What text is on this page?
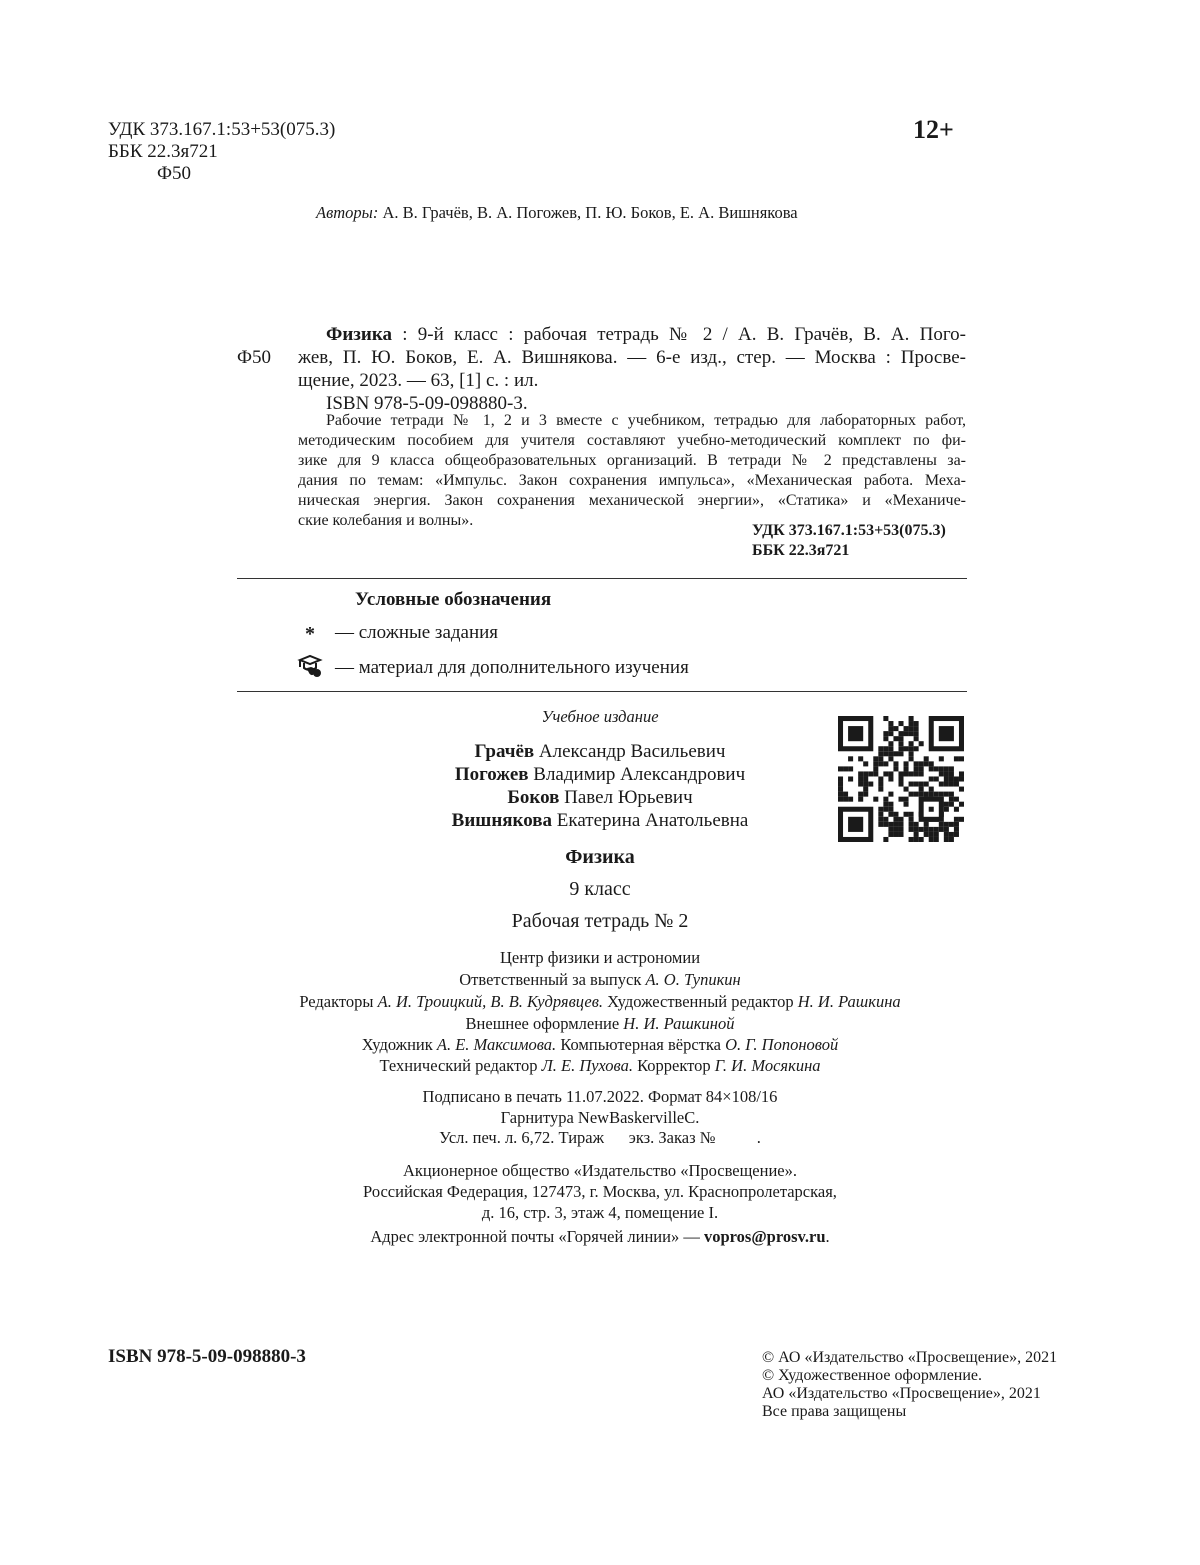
УДК 373.167.1:53+53(075.3)
ББК 22.3я721
Ф50
12+
Авторы: А. В. Грачёв, В. А. Погожев, П. Ю. Боков, Е. А. Вишнякова
Ф50
Физика : 9-й класс : рабочая тетрадь № 2 / А. В. Грачёв, В. А. Пого-
жев, П. Ю. Боков, Е. А. Вишнякова. — 6-е изд., стер. — Москва : Просве-
щение, 2023. — 63, [1] с. : ил.
ISBN 978-5-09-098880-3.
Рабочие тетради № 1, 2 и 3 вместе с учебником, тетрадью для лабораторных работ,
методическим пособием для учителя составляют учебно-методический комплект по фи-
зике для 9 класса общеобразовательных организаций. В тетради № 2 представлены за-
дания по темам: «Импульс. Закон сохранения импульса», «Механическая работа. Меха-
ническая энергия. Закон сохранения механической энергии», «Статика» и «Механиче-
ские колебания и волны».
УДК 373.167.1:53+53(075.3)
ББК 22.3я721
Условные обозначения
* — сложные задания
— материал для дополнительного изучения
Учебное издание
Грачёв Александр Васильевич
Погожев Владимир Александрович
Боков Павел Юрьевич
Вишнякова Екатерина Анатольевна
Физика
9 класс
Рабочая тетрадь № 2
Центр физики и астрономии
Ответственный за выпуск А. О. Тупикин
Редакторы А. И. Троицкий, В. В. Кудрявцев. Художественный редактор Н. И. Рашкина
Внешнее оформление Н. И. Рашкиной
Художник А. Е. Максимова. Компьютерная вёрстка О. Г. Попоновой
Технический редактор Л. Е. Пухова. Корректор Г. И. Мосякина
Подписано в печать 11.07.2022. Формат 84×108/16
Гарнитура NewBaskervilleC.
Усл. печ. л. 6,72. Тираж      экз. Заказ №          .
Акционерное общество «Издательство «Просвещение».
Российская Федерация, 127473, г. Москва, ул. Краснопролетарская,
д. 16, стр. 3, этаж 4, помещение I.
Адрес электронной почты «Горячей линии» — vopros@prosv.ru.
ISBN 978-5-09-098880-3	© АО «Издательство «Просвещение», 2021
© Художественное оформление.
АО «Издательство «Просвещение», 2021
Все права защищены
